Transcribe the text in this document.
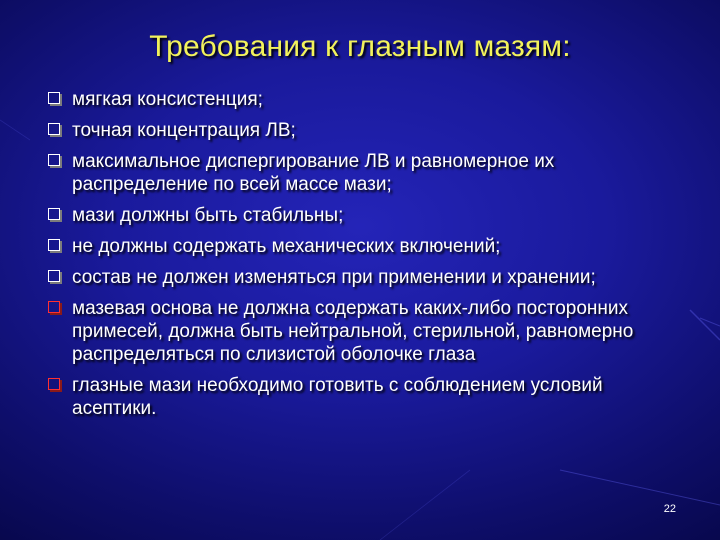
Требования к глазным мазям:
мягкая консистенция;
точная концентрация ЛВ;
максимальное диспергирование ЛВ и равномерное их распределение по всей массе мази;
мази должны быть стабильны;
не должны содержать механических включений;
состав не должен изменяться при применении и хранении;
мазевая основа не должна содержать каких-либо посторонних примесей, должна быть нейтральной, стерильной, равномерно распределяться по слизистой оболочке глаза
глазные мази необходимо готовить с соблюдением условий асептики.
22
